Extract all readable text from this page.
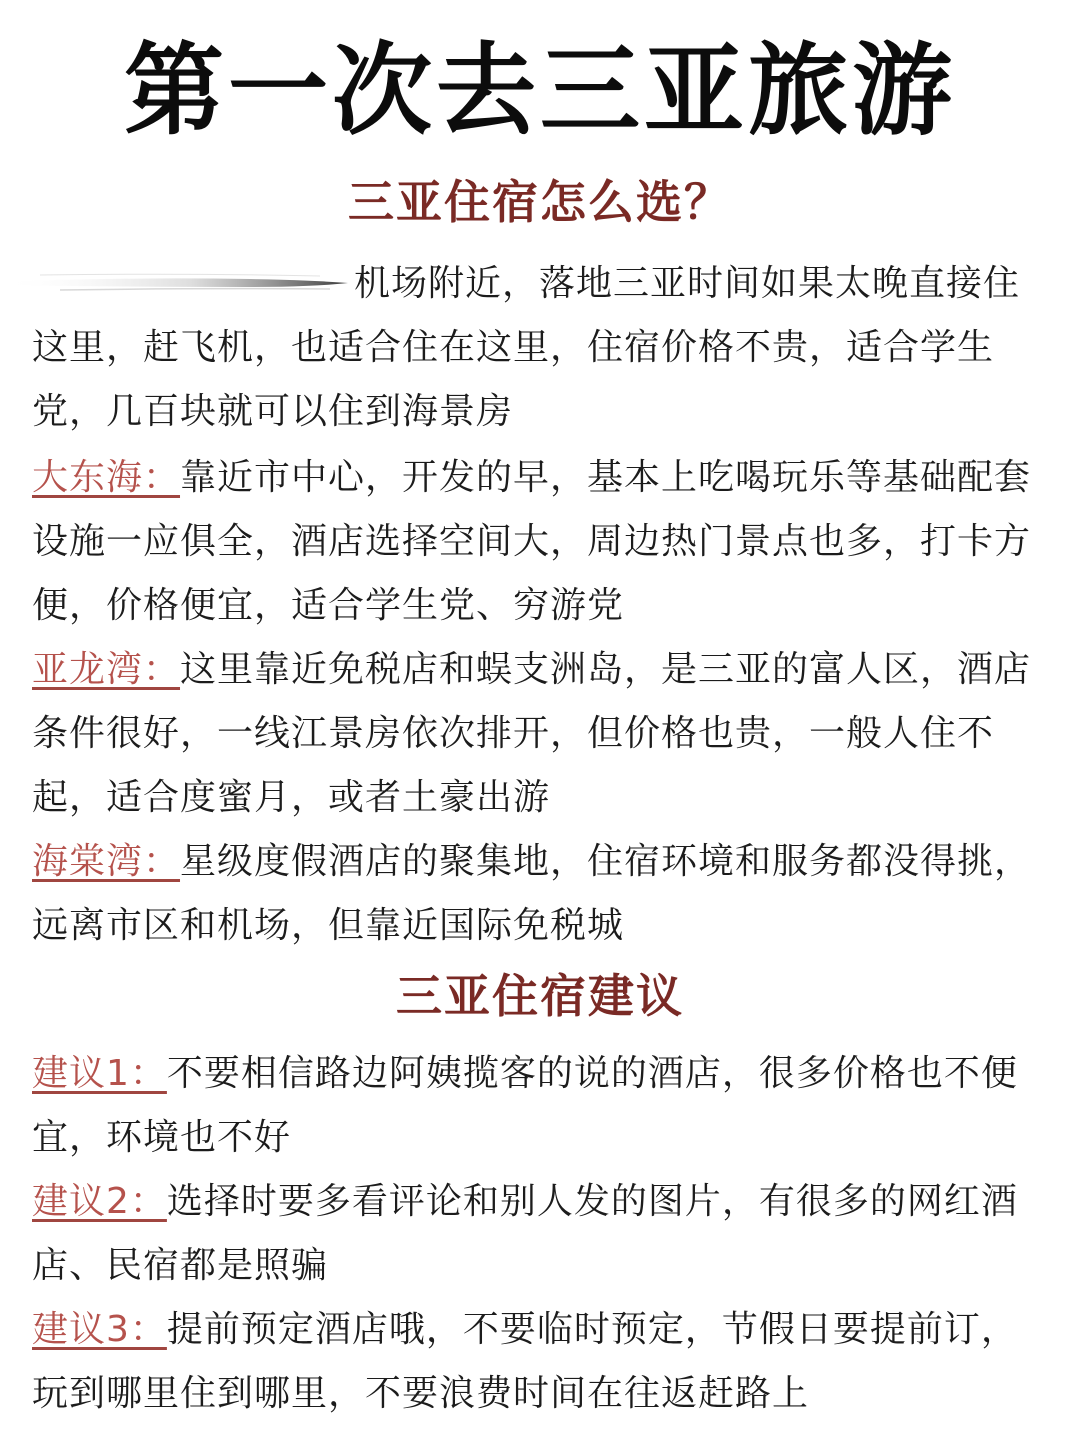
第一次去三亚旅游
三亚住宿怎么选？
机场附近，落地三亚时间如果太晚直接住这里，赶飞机，也适合住在这里，住宿价格不贵，适合学生党，几百块就可以住到海景房
大东海：靠近市中心，开发的早，基本上吃喝玩乐等基础配套设施一应俱全，酒店选择空间大，周边热门景点也多，打卡方便，价格便宜，适合学生党、穷游党
亚龙湾：这里靠近免税店和蜈支洲岛，是三亚的富人区，酒店条件很好，一线江景房依次排开，但价格也贵，一般人住不起，适合度蜜月，或者土豪出游
海棠湾：星级度假酒店的聚集地，住宿环境和服务都没得挑，远离市区和机场，但靠近国际免税城
三亚住宿建议
建议1：不要相信路边阿姨揽客的说的酒店，很多价格也不便宜，环境也不好
建议2：选择时要多看评论和别人发的图片，有很多的网红酒店、民宿都是照骗
建议3：提前预定酒店哦，不要临时预定，节假日要提前订，玩到哪里住到哪里，不要浪费时间在往返赶路上
